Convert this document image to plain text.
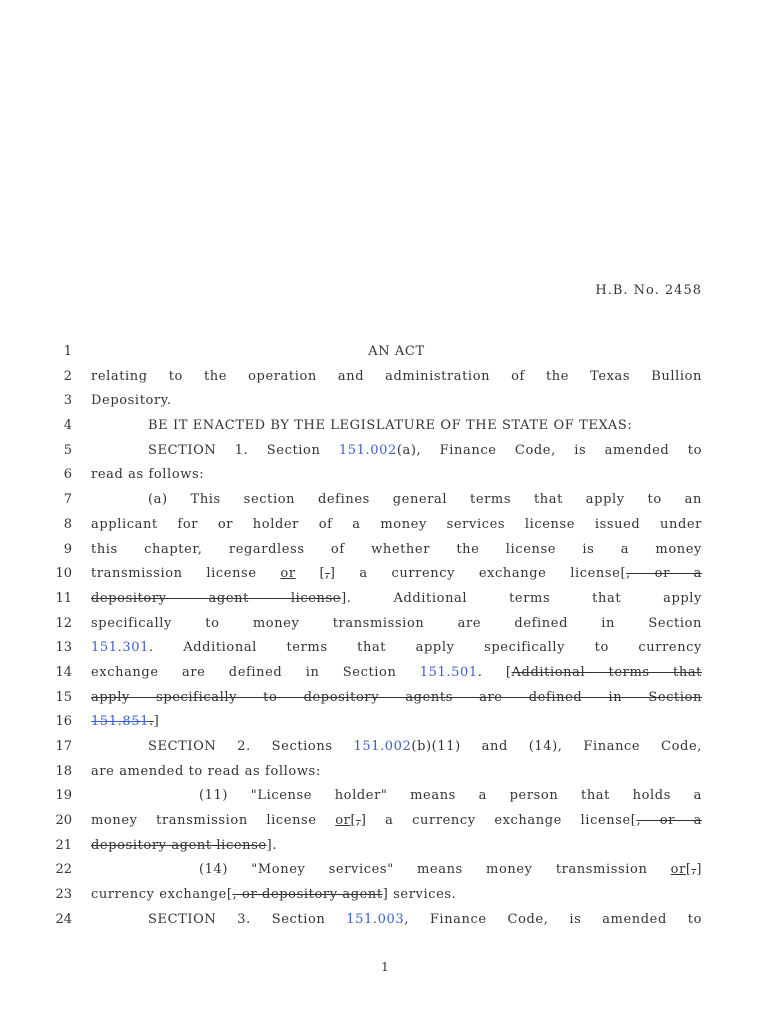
H.B. No. 2458
1	AN ACT
2 relating to the operation and administration of the Texas Bullion
3 Depository.
4	BE IT ENACTED BY THE LEGISLATURE OF THE STATE OF TEXAS:
5	SECTION 1. Section 151.002(a), Finance Code, is amended to
6 read as follows:
7	(a) This section defines general terms that apply to an
8 applicant for or holder of a money services license issued under
9 this chapter, regardless of whether the license is a money
10 transmission license or [,] a currency exchange license[, or a
11 depository agent license]. Additional terms that apply
12 specifically to money transmission are defined in Section
13 151.301. Additional terms that apply specifically to currency
14 exchange are defined in Section 151.501. [Additional terms that
15 apply specifically to depository agents are defined in Section
16 151.851.]
17	SECTION 2. Sections 151.002(b)(11) and (14), Finance Code,
18 are amended to read as follows:
19	(11) "License holder" means a person that holds a
20 money transmission license or[,] a currency exchange license[, or a
21 depository agent license].
22	(14) "Money services" means money transmission or[,]
23 currency exchange[, or depository agent] services.
24	SECTION 3. Section 151.003, Finance Code, is amended to
1
